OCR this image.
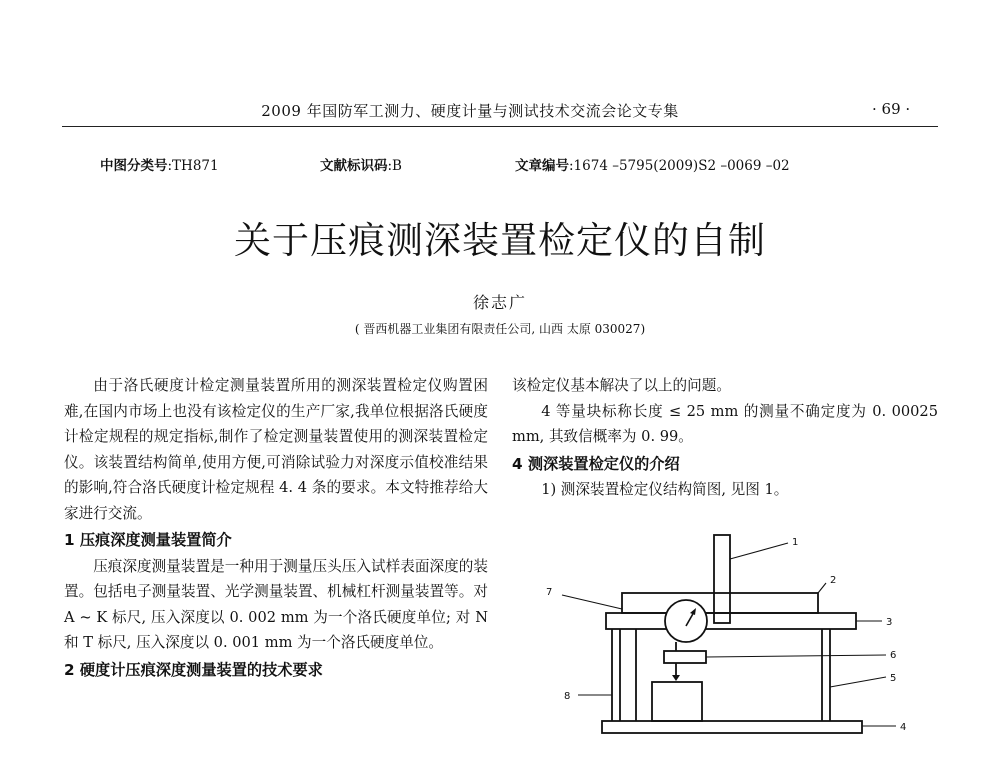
2009 年国防军工测力、硬度计量与测试技术交流会论文专集	· 69 ·
中图分类号:TH871	文献标识码:B	文章编号:1674 –5795(2009)S2 –0069 –02
关于压痕测深装置检定仪的自制
徐志广
( 晋西机器工业集团有限责任公司, 山西 太原 030027)

由于洛氏硬度计检定测量装置所用的测深装置检定仪购置困难,在国内市场上也没有该检定仪的生产厂家,我单位根据洛氏硬度计检定规程的规定指标,制作了检定测量装置使用的测深装置检定仪。该装置结构简单,使用方便,可消除试验力对深度示值校准结果的影响,符合洛氏硬度计检定规程 4. 4 条的要求。本文特推荐给大家进行交流。

1 压痕深度测量装置简介

压痕深度测量装置是一种用于测量压头压入试样表面深度的装置。包括电子测量装置、光学测量装置、机械杠杆测量装置等。对 A ~ K 标尺, 压入深度以 0. 002 mm 为一个洛氏硬度单位; 对 N 和 T 标尺, 压入深度以 0. 001 mm 为一个洛氏硬度单位。

2 硬度计压痕深度测量装置的技术要求

该检定仪基本解决了以上的问题。

4 等量块标称长度 ≤ 25 mm 的测量不确定度为 0. 00025 mm, 其致信概率为 0. 99。

4 测深装置检定仪的介绍

1) 测深装置检定仪结构简图, 见图 1。

1
2
3
4
5
6
7
8
